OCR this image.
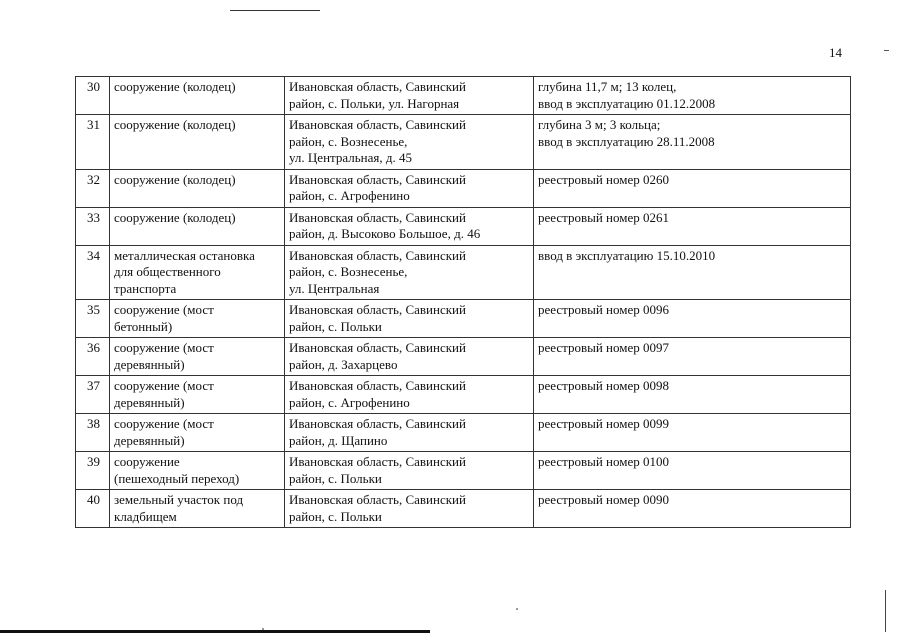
14
30	сооружение (колодец)	Ивановская область, Савинский
район, с. Польки, ул. Нагорная	глубина 11,7 м; 13 колец,
ввод в эксплуатацию 01.12.2008
31	сооружение (колодец)	Ивановская область, Савинский
район, с. Вознесенье,
ул. Центральная, д. 45	глубина 3 м; 3 кольца;
ввод в эксплуатацию 28.11.2008
32	сооружение (колодец)	Ивановская область, Савинский
район, с. Агрофенино	реестровый номер 0260
33	сооружение (колодец)	Ивановская область, Савинский
район, д. Высоково Большое, д. 46	реестровый номер 0261
34	металлическая остановка
для общественного
транспорта	Ивановская область, Савинский
район, с. Вознесенье,
ул. Центральная	ввод в эксплуатацию 15.10.2010
35	сооружение (мост
бетонный)	Ивановская область, Савинский
район, с. Польки	реестровый номер 0096
36	сооружение (мост
деревянный)	Ивановская область, Савинский
район, д. Захарцево	реестровый номер 0097
37	сооружение (мост
деревянный)	Ивановская область, Савинский
район, с. Агрофенино	реестровый номер 0098
38	сооружение (мост
деревянный)	Ивановская область, Савинский
район, д. Щапино	реестровый номер 0099
39	сооружение
(пешеходный переход)	Ивановская область, Савинский
район, с. Польки	реестровый номер 0100
40	земельный участок под
кладбищем	Ивановская область, Савинский
район, с. Польки	реестровый номер 0090
